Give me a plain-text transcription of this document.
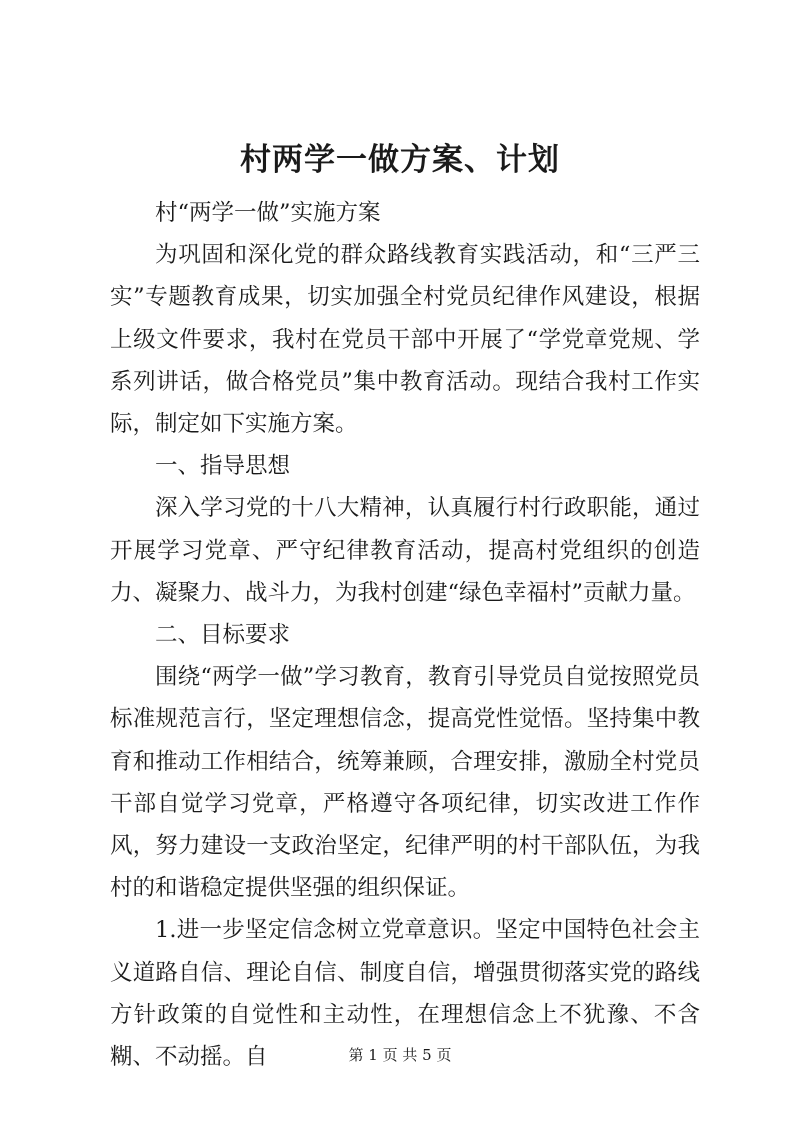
村两学一做方案、计划

村“两学一做”实施方案

为巩固和深化党的群众路线教育实践活动，和“三严三实”专题教育成果，切实加强全村党员纪律作风建设，根据上级文件要求，我村在党员干部中开展了“学党章党规、学系列讲话，做合格党员”集中教育活动。现结合我村工作实际，制定如下实施方案。

一、指导思想

深入学习党的十八大精神，认真履行村行政职能，通过开展学习党章、严守纪律教育活动，提高村党组织的创造力、凝聚力、战斗力，为我村创建“绿色幸福村”贡献力量。

二、目标要求

围绕“两学一做”学习教育，教育引导党员自觉按照党员标准规范言行，坚定理想信念，提高党性觉悟。坚持集中教育和推动工作相结合，统筹兼顾，合理安排，激励全村党员干部自觉学习党章，严格遵守各项纪律，切实改进工作作风，努力建设一支政治坚定，纪律严明的村干部队伍，为我村的和谐稳定提供坚强的组织保证。

1.进一步坚定信念树立党章意识。坚定中国特色社会主义道路自信、理论自信、制度自信，增强贯彻落实党的路线方针政策的自觉性和主动性，在理想信念上不犹豫、不含糊、不动摇。自	第 1 页 共 5 页
